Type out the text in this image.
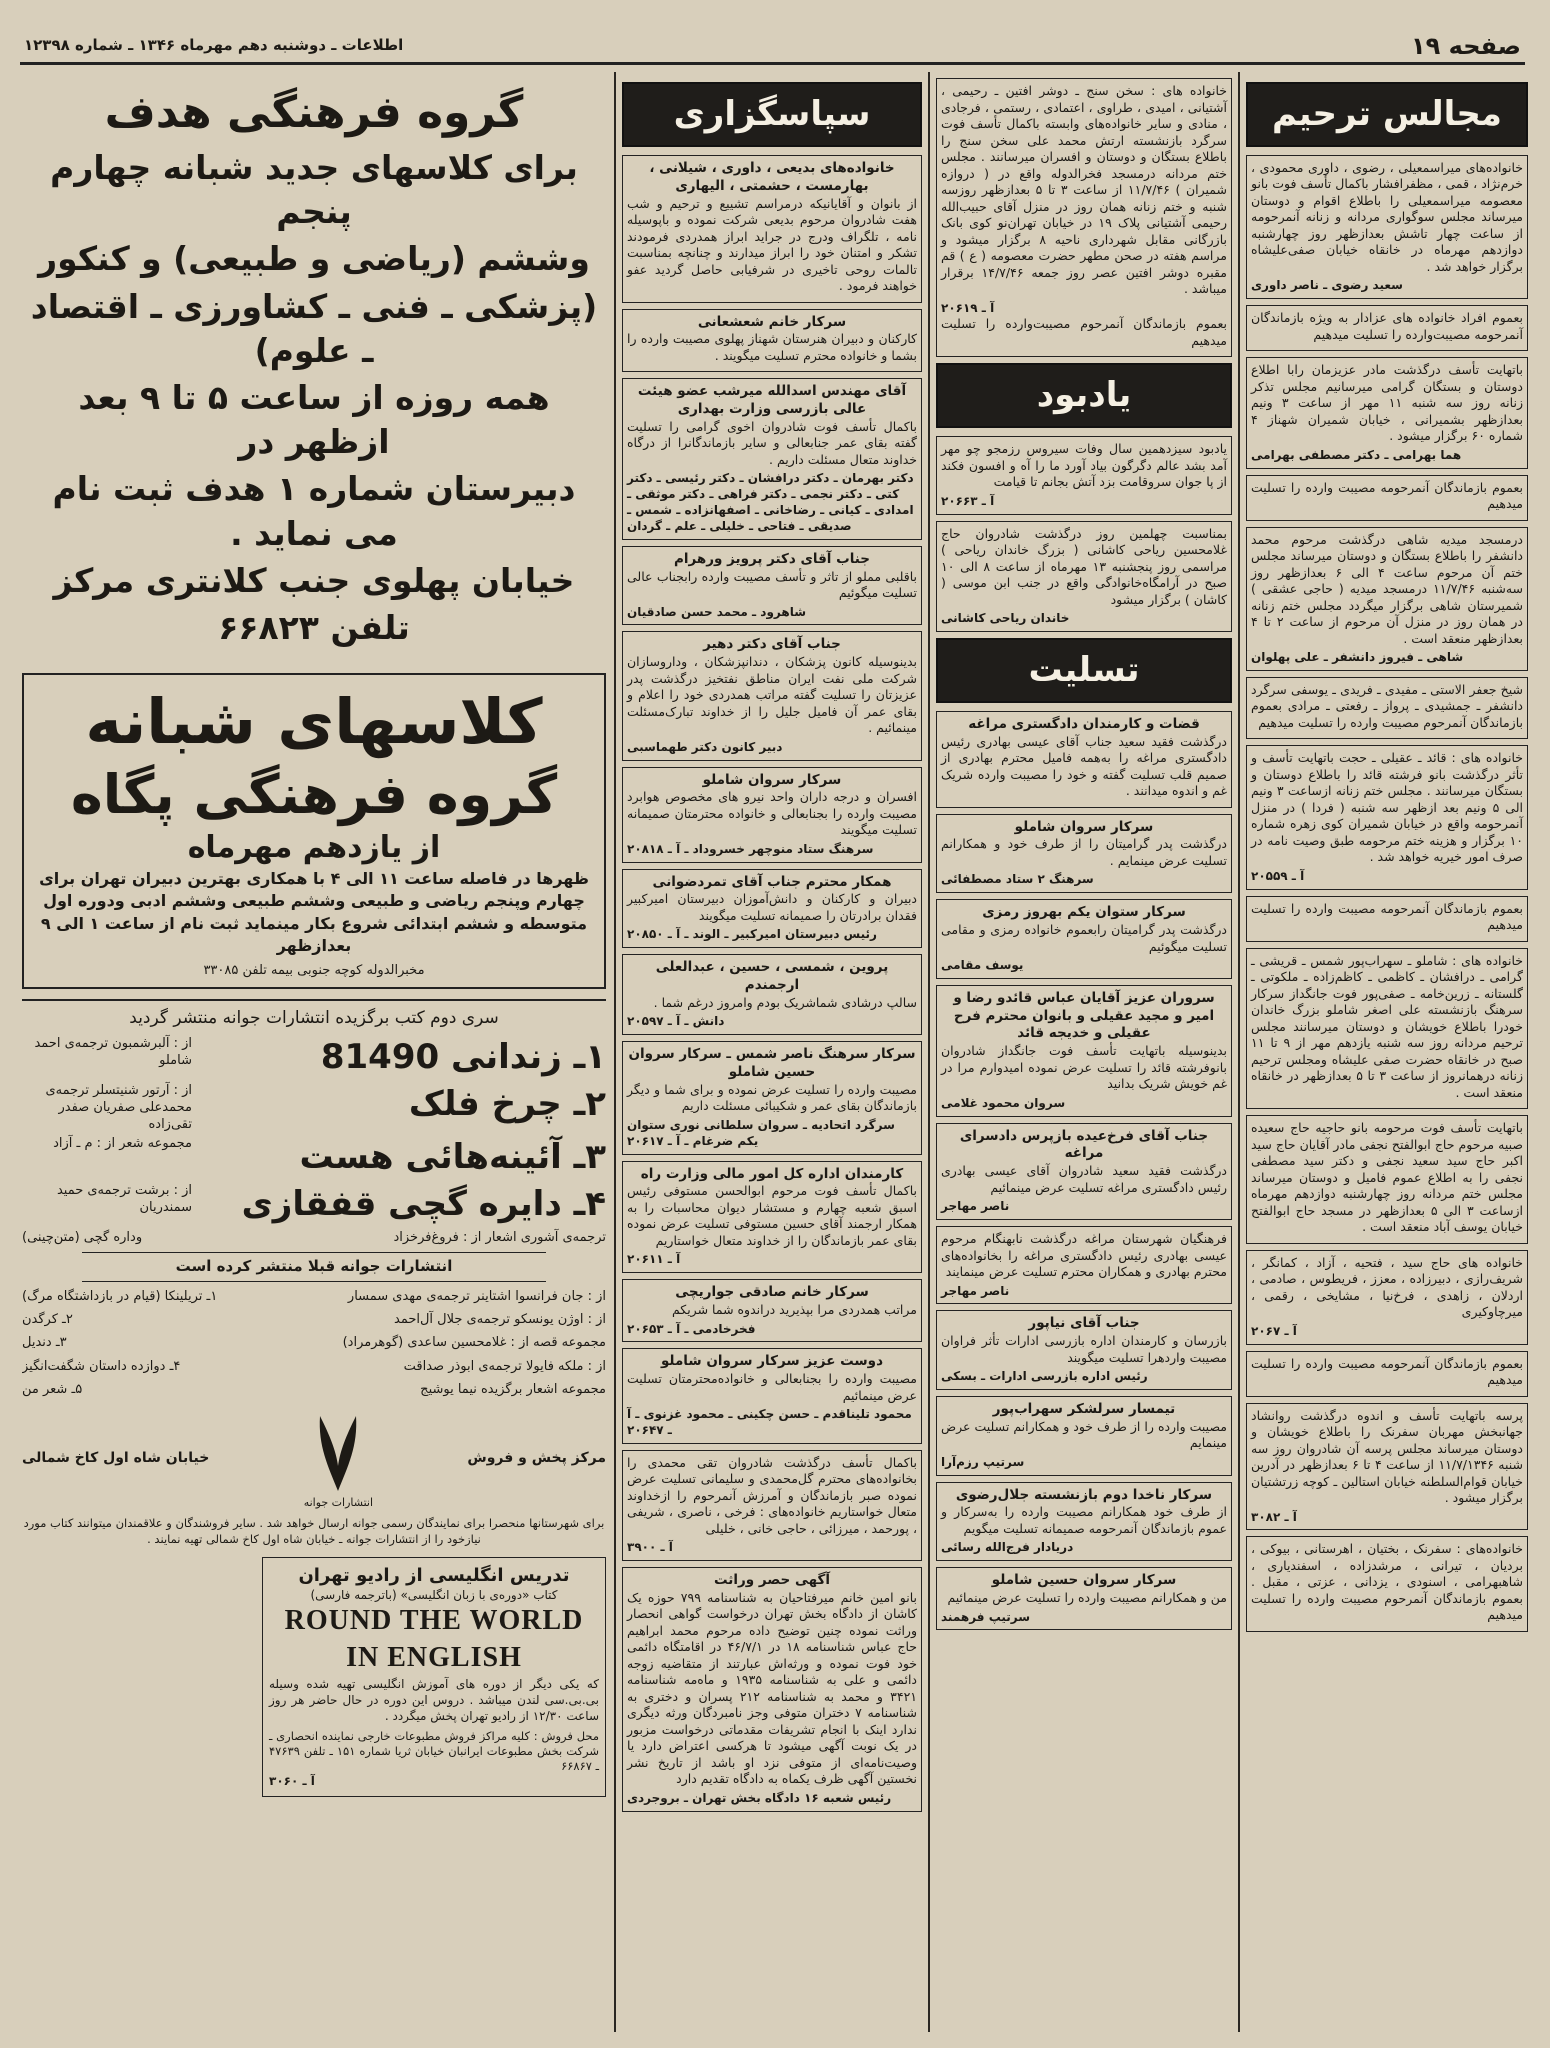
صفحه ۱۹
اطلاعات ـ دوشنبه دهم مهرماه ۱۳۴۶ ـ شماره ۱۲۳۹۸
مجالس ترحیم

خانواده‌های میراسمعیلی ، رضوی ، داوری محمودی ، خرم‌نژاد ، قمی ، مظفر‌افشار باکمال تأسف فوت بانو معصومه میراسمعیلی را باطلاع اقوام و دوستان میرساند مجلس سوگواری مردانه و زنانه آنمرحومه از ساعت چهار تاشش بعدازظهر روز چهارشنبه دوازدهم مهرماه در خانقاه خیابان صفی‌علیشاه برگزار خواهد شد .

سعید رضوی ـ ناصر داوری

بعموم افراد خانواده های عزادار به ویژه بازماندگان آنمرحومه مصیبت‌وارده را تسلیت میدهیم

باتهایت تأسف درگذشت مادر عزیزمان رابا اطلاع دوستان و بستگان گرامی میرسانیم مجلس تذکر زنانه روز سه شنبه ۱۱ مهر از ساعت ۳ ونیم بعدازظهر بشمیرانی ، خیابان شمیران شهناز ۴ شماره ۶۰ برگزار میشود .

هما بهرامی ـ دکتر مصطفی بهرامی

بعموم بازماندگان آنمرحومه مصیبت وارده را تسلیت میدهیم

درمسجد میدیه شاهی درگذشت مرحوم محمد دانشفر را باطلاع بستگان و دوستان میرساند مجلس ختم آن مرحوم ساعت ۴ الی ۶ بعدازظهر روز سه‌شنبه ۱۱/۷/۴۶ درمسجد میدیه ( حاجی عشقی ) شمیرستان شاهی برگزار میگردد مجلس ختم زنانه در همان روز در منزل آن مرحوم از ساعت ۲ تا ۴ بعدازظهر منعقد است .

شاهی ـ فیروز دانشفر ـ علی پهلوان

شیخ جعفر الاستی ـ مفیدی ـ فریدی ـ یوسفی سرگرد دانشفر ـ جمشیدی ـ پرواز ـ رفعتی ـ مرادی بعموم بازماندگان آنمرحوم مصیبت وارده را تسلیت میدهیم

خانواده های : قائد ـ عقیلی ـ حجت باتهایت تأسف و تأثر درگذشت بانو فرشته قائد را باطلاع دوستان و بستگان میرسانند . مجلس ختم زنانه ازساعت ۳ ونیم الی ۵ ونیم بعد ازظهر سه شنبه ( فردا ) در منزل آنمرحومه واقع در خیابان شمیران کوی زهره شماره ۱۰ برگزار و هزینه ختم مرحومه طبق وصیت نامه در صرف امور خیریه خواهد شد .

آ ـ ۲۰۵۵۹

بعموم بازماندگان آنمرحومه مصیبت وارده را تسلیت میدهیم

خانواده های : شاملو ـ سهراب‌پور شمس ـ قریشی ـ گرامی ـ درافشان ـ کاظمی ـ کاظم‌زاده ـ ملکوتی ـ گلستانه ـ زرین‌خامه ـ صفی‌پور فوت جانگداز سرکار سرهنگ بازنشسته علی اصغر شاملو بزرگ خاندان خودرا باطلاع خویشان و دوستان میرسانند مجلس ترحیم مردانه روز سه شنبه یازدهم مهر از ۹ تا ۱۱ صبح در خانقاه حضرت صفی علیشاه ومجلس ترحیم زنانه درهمانروز از ساعت ۳ تا ۵ بعدازظهر در خانقاه منعقد است .

باتهایت تأسف فوت مرحومه بانو حاجیه حاج سعیده صبیه مرحوم حاج ابوالفتح نجفی مادر آقایان حاج سید اکبر حاج سید سعید نجفی و دکتر سید مصطفی نجفی را به اطلاع عموم فامیل و دوستان میرساند مجلس ختم مردانه روز چهارشنبه دوازدهم مهرماه ازساعت ۳ الی ۵ بعدازظهر در مسجد حاج ابوالفتح خیابان یوسف آباد منعقد است .

خانواده های حاج سید ، فتحیه ، آزاد ، کمانگر ، شریف‌رازی ، دبیرزاده ، معزز ، فریطوس ، صادمی ، اردلان ، زاهدی ، فرخ‌نیا ، مشایخی ، رقمی ، میرچاوکیری

آ ـ ۲۰۶۷

بعموم بازماندگان آنمرحومه مصیبت وارده را تسلیت میدهیم

پرسه باتهایت تأسف و اندوه درگذشت روانشاد جهانبخش مهربان سفرنک را باطلاع خویشان و دوستان میرساند مجلس پرسه آن شادروان روز سه شنبه ۱۱/۷/۱۳۴۶ از ساعت ۴ تا ۶ بعدازظهر در آدرین خیابان قوام‌السلطنه خیابان استالین ـ کوچه زرتشتیان برگزار میشود .

آ ـ ۳۰۸۲

خانواده‌های : سفرنک ، بختیان ، اهرستانی ، بیوکی ، بردیان ، تیرانی ، مرشدزاده ، اسفندیاری ، شاهبهرامی ، اسنودی ، یزدانی ، عزتی ، مقبل . بعموم بازماندگان آنمرحوم مصیبت وارده را تسلیت میدهیم

خانواده های : سخن سنج ـ دوشر افتین ـ رحیمی ، آشتیانی ، امیدی ، طراوی ، اعتمادی ، رستمی ، فرجادی ، منادی و سایر خانواده‌های وابسته باکمال تأسف فوت سرگرد بازنشسته ارتش محمد علی سخن سنج را باطلاع بستگان و دوستان و افسران میرسانند . مجلس ختم مردانه درمسجد فخرالدوله واقع در ( دروازه شمیران ) ۱۱/۷/۴۶ از ساعت ۳ تا ۵ بعدازظهر روزسه شنبه و ختم زنانه همان روز در منزل آقای حبیب‌الله رحیمی آشتیانی پلاک ۱۹ در خیابان تهران‌نو کوی بانک بازرگانی مقابل شهرداری ناحیه ۸ برگزار میشود و مراسم هفته در صحن مطهر حضرت معصومه ( ع ) قم مقبره دوشر افتین عصر روز جمعه ۱۴/۷/۴۶ برقرار میباشد .

آ ـ ۲۰۶۱۹

بعموم بازماندگان آنمرحوم مصیبت‌وارده را تسلیت میدهیم

یادبود

یادبود سیزدهمین سال وفات سیروس رزمجو چو مهر آمد بشد عالم دگرگون بیاد آورد ما را آه و افسون فکند از پا جوان سروقامت بزد آتش بجانم تا قیامت

آ ـ ۲۰۶۶۳

بمناسبت چهلمین روز درگذشت شادروان حاج غلامحسین ریاحی کاشانی ( بزرگ خاندان ریاحی ) مراسمی روز پنجشنبه ۱۳ مهرماه از ساعت ۸ الی ۱۰ صبح در آرامگاه‌خانوادگی واقع در جنب ابن موسی ( کاشان ) برگزار میشود

خاندان ریاحی کاشانی
تسلیت
قضات و کارمندان دادگستری مراغه

درگذشت فقید سعید جناب آقای عیسی بهادری رئیس دادگستری مراغه را به‌همه فامیل محترم بهادری از صمیم قلب تسلیت گفته و خود را مصیبت وارده شریک غم و اندوه میدانند .

سرکار سروان شاملو

درگذشت پدر گرامیتان را از طرف خود و همکارانم تسلیت عرض مینمایم .

سرهنگ ۲ ستاد مصطفائی
سرکار ستوان یکم بهروز رمزی

درگذشت پدر گرامیتان رابعموم خانواده رمزی و مقامی تسلیت میگوئیم

یوسف مقامی
سروران عزیز آقایان عباس قائدو رضا و امیر و مجید عقیلی و بانوان محترم فرح عقیلی و خدیجه قائد

بدینوسیله باتهایت تأسف فوت جانگداز شادروان بانوفرشته قائد را تسلیت عرض نموده امیدوارم مرا در غم خویش شریک بدانید

سروان محمود غلامی
جناب آقای فرخ‌عیده بازپرس دادسرای مراغه

درگذشت فقید سعید شادروان آقای عیسی بهادری رئیس دادگستری مراغه تسلیت عرض مینمائیم

ناصر مهاجر

فرهنگیان شهرستان مراغه درگذشت نابهنگام مرحوم عیسی بهادری رئیس دادگستری مراغه را بخانواده‌های محترم بهادری و همکاران محترم تسلیت عرض مینمایند

ناصر مهاجر
جناب آقای نیاپور

بازرسان و کارمندان اداره بازرسی ادارات تأثر فراوان مصیبت واردهرا تسلیت میگویند

رئیس اداره بازرسی ادارات ـ بسکی
تیمسار سرلشکر سهراب‌پور

مصیبت وارده را از طرف خود و همکارانم تسلیت عرض مینمایم

سرتیپ رزم‌آرا
سرکار ناخدا دوم بازنشسته جلال‌رضوی

از طرف خود همکارانم مصیبت وارده را به‌سرکار و عموم بازماندگان آنمرحومه صمیمانه تسلیت میگویم

دریادار فرج‌الله رسائی
سرکار سروان حسین شاملو

من و همکارانم مصیبت وارده را تسلیت عرض مینمائیم

سرتیپ فرهمند
سپاسگزاری
خانواده‌های بدیعی ، داوری ، شیلانی ، بهارمست ، حشمتی ، الیهاری

از بانوان و آقایانیکه درمراسم تشییع و ترحیم و شب هفت شادروان مرحوم بدیعی شرکت نموده و باپوسیله نامه ، تلگراف ودرج در جراید ابراز همدردی فرمودند تشکر و امتنان خود را ابراز میدارند و چنانچه بمناسبت تالمات روحی تاخیری در شرفیابی حاصل گردید عفو خواهند فرمود .

سرکار خانم شعشعانی

کارکنان و دبیران هنرستان شهناز پهلوی مصیبت وارده را بشما و خانواده محترم تسلیت میگویند .

آقای مهندس اسدالله میرشب عضو هیئت عالی بازرسی وزارت بهداری

باکمال تأسف فوت شادروان اخوی گرامی را تسلیت گفته بقای عمر جنابعالی و سایر بازماندگانرا از درگاه خداوند متعال مسئلت داریم .

دکتر بهرمان ـ دکتر درافشان ـ دکتر رئیسی ـ دکتر کتی ـ دکتر نجمی ـ دکتر فراهی ـ دکتر موثقی ـ امدادی ـ کیانی ـ رضاخانی ـ اصفهانزاده ـ شمس ـ صدیقی ـ فتاحی ـ خلیلی ـ علم ـ گردان
جناب آقای دکتر پرویز ورهرام

باقلبی مملو از تاثر و تأسف مصیبت وارده رابجناب عالی تسلیت میگوئیم

شاهرود ـ محمد حسن صادقیان
جناب آقای دکتر دهیر

بدینوسیله کانون پزشکان ، دندانپزشکان ، وداروسازان شرکت ملی نفت ایران مناطق نفتخیز درگذشت پدر عزیزتان را تسلیت گفته مراتب همدردی خود را اعلام و بقای عمر آن فامیل جلیل را از خداوند تبارک‌مسئلت مینمائیم .

دبیر کانون دکتر طهماسبی
سرکار سروان شاملو

افسران و درجه داران واحد نیرو های مخصوص هوابرد مصیبت وارده را بجنابعالی و خانواده محترمتان صمیمانه تسلیت میگویند

سرهنگ ستاد منوچهر خسروداد ـ آ ـ ۲۰۸۱۸
همکار محترم جناب آقای تمردضوانی

دبیران و کارکنان و دانش‌آموزان دبیرستان امیرکبیر فقدان برادرتان را صمیمانه تسلیت میگویند

رئیس دبیرستان امیرکبیر ـ الوند ـ آ ـ ۲۰۸۵۰
پروین ، شمسی ، حسین ، عبدالعلی ارجمندم

سالپ درشادی شماشریک بودم وامروز درغم شما .

دانش ـ آ ـ ۲۰۵۹۷
سرکار سرهنگ ناصر شمس ـ سرکار سروان حسین شاملو

مصیبت وارده را تسلیت عرض نموده و برای شما و دیگر بازماندگان بقای عمر و شکیبائی مسئلت داریم

سرگرد اتحادیه ـ سروان سلطانی نوری ستوان یکم ضرغام ـ آ ـ ۲۰۶۱۷
کارمندان اداره کل امور مالی وزارت راه

باکمال تأسف فوت مرحوم ابوالحسن مستوفی رئیس اسبق شعبه چهارم و مستشار دیوان محاسبات را به همکار ارجمند آقای حسین مستوفی تسلیت عرض نموده بقای عمر بازماندگان را از خداوند متعال خواستاریم

آ ـ ۲۰۶۱۱
سرکار خانم صادقی جواریچی

مراتب همدردی مرا بپذیرید دراندوه شما شریکم

فخرخادمی ـ آ ـ ۲۰۶۵۳
دوست عزیز سرکار سروان شاملو

مصیبت وارده را بجنابعالی و خانواده‌محترمتان تسلیت عرض مینمائیم

محمود تلیناقدم ـ حسن چکینی ـ محمود غزنوی ـ آ ـ ۲۰۶۴۷

باکمال تأسف درگذشت شادروان تقی محمدی را بخانواده‌های محترم گل‌محمدی و سلیمانی تسلیت عرض نموده صبر بازماندگان و آمرزش آنمرحوم را ازخداوند متعال خواستاریم خانواده‌های : فرخی ، ناصری ، شریفی ، پورحمد ، میرزائی ، حاجی خانی ، خلیلی

آ ـ ۳۹۰۰
آگهی حصر وراثت

بانو امین خانم میرفتاحیان به شناسنامه ۷۹۹ حوزه یک کاشان از دادگاه بخش تهران درخواست گواهی انحصار وراثت نموده چنین توضیح داده مرحوم محمد ابراهیم حاج عباس شناسنامه ۱۸ در ۴۶/۷/۱ در اقامتگاه دائمی خود فوت نموده و ورثه‌اش عبارتند از متقاضیه زوجه دائمی و علی به شناسنامه ۱۹۳۵ و ماه‌مه شناسنامه ۳۴۲۱ و محمد به شناسنامه ۲۱۲ پسران و دختری به شناسنامه ۷ دختران متوفی وجز نامبردگان ورثه دیگری ندارد اینک با انجام تشریفات مقدماتی درخواست مزبور در یک نوبت آگهی میشود تا هرکسی اعتراض دارد یا وصیت‌نامه‌ای از متوفی نزد او باشد از تاریخ نشر نخستین آگهی ظرف یکماه به دادگاه تقدیم دارد

رئیس شعبه ۱۶ دادگاه بخش تهران ـ بروجردی

گروه فرهنگی هدف

برای کلاسهای جدید شبانه چهارم پنجم

وششم (ریاضی و طبیعی) و کنکور

(پزشکی ـ فنی ـ کشاورزی ـ اقتصاد ـ علوم)

همه روزه از ساعت ۵ تا ۹ بعد ازظهر در

دبیرستان شماره ۱ هدف ثبت نام می نماید .

خیابان پهلوی جنب کلانتری مرکز

تلفن ۶۶۸۲۳

کلاسهای شبانه
گروه فرهنگی پگاه
از یازدهم مهرماه
ظهرها در فاصله ساعت ۱۱ الی ۴ با همکاری بهترین دبیران تهران برای چهارم وپنجم ریاضی و طبیعی وششم طبیعی وششم ادبی ودوره اول متوسطه و ششم ابتدائی شروع بکار مینماید ثبت نام از ساعت ۱ الی ۹ بعدازظهر
مخبرالدوله کوچه جنوبی بیمه تلفن ۳۳۰۸۵
سری دوم کتب برگزیده انتشارات جوانه منتشر گردید
۱ـ زندانی 81490
از : آلبرشمبون ترجمه‌ی احمد شاملو
۲ـ چرخ فلک
از : آرتور شنیتسلر ترجمه‌ی محمدعلی صفریان صفدر تقی‌زاده
۳ـ آئینه‌هائی هست
مجموعه شعر از : م ـ آزاد
۴ـ دایره گچی قفقازی
از : برشت ترجمه‌ی حمید سمندریان
ترجمه‌ی آشوری اشعار از : فروغ‌فرخزاد
وداره گچی (متن‌چینی)
انتشارات جوانه قبلا منتشر کرده است
از : جان فرانسوا اشتاینر ترجمه‌ی مهدی سمسار
۱ـ تریلینکا (قیام در بازداشتگاه مرگ)
از : اوژن یونسکو ترجمه‌ی جلال آل‌احمد
۲ـ کرگدن
مجموعه قصه از : غلامحسین ساعدی (گوهرمراد)
۳ـ دندیل
از : ملکه فایولا ترجمه‌ی ابوذر صداقت
۴ـ دوازده داستان شگفت‌انگیز
مجموعه اشعار برگزیده نیما یوشیج
۵ـ شعر من
مرکز پخش و فروش
انتشارات جوانه
خیابان شاه اول کاخ شمالی
برای شهرستانها منحصرا برای نمایندگان رسمی جوانه ارسال خواهد شد . سایر فروشندگان و علاقمندان میتوانند کتاب مورد نیازخود را از انتشارات جوانه ـ خیابان شاه اول کاخ شمالی تهیه نمایند .
تدریس انگلیسی از رادیو تهران
کتاب «دوره‌ی با زبان انگلیسی» (باترجمه فارسی)
ROUND THE WORLD IN ENGLISH
که یکی دیگر از دوره های آموزش انگلیسی تهیه شده وسیله بی.بی.سی لندن میباشد . دروس این دوره در حال حاضر هر روز ساعت ۱۲/۳۰ از رادیو تهران پخش میگردد .
محل فروش : کلیه مراکز فروش مطبوعات خارجی نماینده انحصاری ـ شرکت بخش مطبوعات ایرانبان خیابان ثریا شماره ۱۵۱ ـ تلفن ۴۷۶۳۹ ـ ۶۶۸۶۷
آ ـ ۳۰۶۰
